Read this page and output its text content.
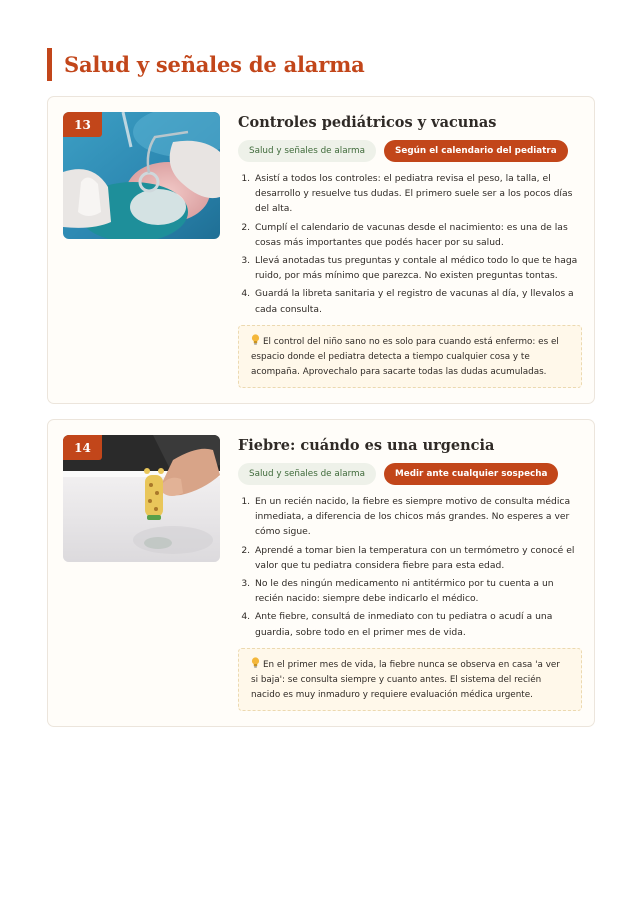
Salud y señales de alarma
13	Controles pediátricos y vacunas
Salud y señales de alarma	Según el calendario del pediatra
1. Asistí a todos los controles: el pediatra revisa el peso, la talla, el desarrollo y resuelve tus dudas. El primero suele ser a los pocos días del alta.
2. Cumplí el calendario de vacunas desde el nacimiento: es una de las cosas más importantes que podés hacer por su salud.
3. Llevá anotadas tus preguntas y contale al médico todo lo que te haga ruido, por más mínimo que parezca. No existen preguntas tontas.
4. Guardá la libreta sanitaria y el registro de vacunas al día, y llevalos a cada consulta.
El control del niño sano no es solo para cuando está enfermo: es el espacio donde el pediatra detecta a tiempo cualquier cosa y te acompaña. Aprovechalo para sacarte todas las dudas acumuladas.
14	Fiebre: cuándo es una urgencia
Salud y señales de alarma	Medir ante cualquier sospecha
1. En un recién nacido, la fiebre es siempre motivo de consulta médica inmediata, a diferencia de los chicos más grandes. No esperes a ver cómo sigue.
2. Aprendé a tomar bien la temperatura con un termómetro y conocé el valor que tu pediatra considera fiebre para esta edad.
3. No le des ningún medicamento ni antitérmico por tu cuenta a un recién nacido: siempre debe indicarlo el médico.
4. Ante fiebre, consultá de inmediato con tu pediatra o acudí a una guardia, sobre todo en el primer mes de vida.
En el primer mes de vida, la fiebre nunca se observa en casa 'a ver si baja': se consulta siempre y cuanto antes. El sistema del recién nacido es muy inmaduro y requiere evaluación médica urgente.
